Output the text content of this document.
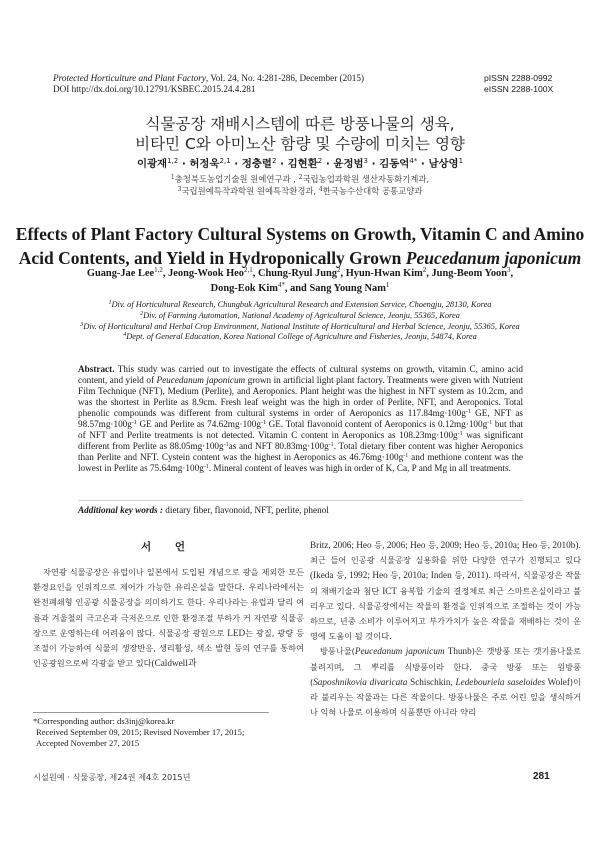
Protected Horticulture and Plant Factory, Vol. 24, No. 4:281-286, December (2015)
DOI http://dx.doi.org/10.12791/KSBEC.2015.24.4.281
pISSN 2288-0992
eISSN 2288-100X
식물공장 재배시스템에 따른 방풍나물의 생육,
비타민 C와 아미노산 함량 및 수량에 미치는 영향
이광재$^{1,2}$ · 허정욱$^{2,1}$ · 정충렬$^2$ · 김현환$^2$ · 윤정범$^3$ · 김동억$^{4*}$ · 남상영$^1$
$^1$충청북도농업기술원 원예연구과 , $^2$국립농업과학원 생산자동화기계과,
$^3$국립원예특작과학원 원예특작환경과, $^4$한국농수산대학 공통교양과
Effects of Plant Factory Cultural Systems on Growth, Vitamin C and Amino
Acid Contents, and Yield in Hydroponically Grown Peucedanum japonicum
Guang-Jae Lee$^{1,2}$, Jeong-Wook Heo$^{2,1}$, Chung-Ryul Jung$^2$, Hyun-Hwan Kim$^2$, Jung-Beom Yoon$^3$,
Dong-Eok Kim$^{4*}$, and Sang Young Nam$^1$
$^1$Div. of Horticultural Research, Chungbuk Agricultural Research and Extension Service, Choengju, 28130, Korea
$^2$Div. of Farming Automation, National Academy of Agricultural Science, Jeonju, 55365, Korea
$^3$Div. of Horticultural and Herbal Crop Environment, National Institute of Horticultural and Herbal Science, Jeonju, 55365, Korea
$^4$Dept. of General Education, Korea National College of Agriculture and Fisheries, Jeonju, 54874, Korea
Abstract. This study was carried out to investigate the effects of cultural systems on growth, vitamin C, amino acid content, and yield of Peucedanum japonicum grown in artificial light plant factory. Treatments were given with Nutrient Film Technique (NFT), Medium (Perlite), and Aeroponics. Plant height was the highest in NFT system as 10.2cm, and was the shortest in Perlite as 8.9cm. Fresh leaf weight was the high in order of Perlite, NFT, and Aeroponics. Total phenolic compounds was different from cultural systems in order of Aeroponics as $117.84mg\cdot 100g^{-1}$ GE, NFT as $98.57mg\cdot 100g^{-1}$ GE and Perlite as $74.62mg\cdot 100g^{-1}$ GE. Total flavonoid content of Aeroponics is $0.12mg\cdot 100g^{-1}$ but that of NFT and Perlite treatments is not detected. Vitamin C content in Aeroponics as $108.23mg\cdot 100g^{-1}$ was significant different from Perlite as $88.05mg\cdot 100g^{-1}as$ and NFT $80.83mg\cdot 100g^{-1}$. Total dietary fiber content was higher Aeroponics than Perlite and NFT. Cystein content was the highest in Aeroponics as $46.76mg\cdot 100g^{-1}$ and methione content was the lowest in Perlite as $75.64mg\cdot 100g^{-1}$. Mineral content of leaves was high in order of K, Ca, P and Mg in all treatments.
Additional key words : dietary fiber, flavonoid, NFT, perlite, phenol
서 언

자연광 식물공장은 유럽이나 일본에서 도입된 개념으로 광을 제외한 모든 환경요인을 인위적으로 제어가 가능한 유리온실을 말한다. 우리나라에서는 완전폐쇄형 인공광 식물공장을 의미하기도 한다. 우리나라는 유럽과 달리 여름과 겨울철의 극고온과 극저온으로 인한 환경조절 부하가 커 자연광 식물공장으로 운영하는데 어려움이 많다. 식물공장 광원으로 LED는 광질, 광량 등 조절이 가능하여 식물의 생장반응, 생리활성, 색소 발현 등의 연구를 통하여 인공광원으로써 각광을 받고 있다(Caldwell과

Britz, 2006; Heo 등, 2006; Heo 등, 2009; Heo 등, 2010a; Heo 등, 2010b). 최근 들어 인공광 식물공장 실용화를 위한 다양한 연구가 진행되고 있다(Ikeda 등, 1992; Heo 등, 2010a; Inden 등, 2011). 따라서, 식물공장은 작물의 재배기술과 첨단 ICT 융복합 기술의 결정체로 최근 스마트온실이라고 불리우고 있다. 식물공장에서는 작물의 환경을 인위적으로 조절하는 것이 가능하므로, 년중 소비가 이루어지고 부가가치가 높은 작물을 재배하는 것이 운영에 도움이 될 것이다.

방풍나물(Peucedanum japonicum Thunb)은 갯방풍 또는 갯기름나물로 불려지며, 그 뿌리를 식방풍이라 한다. 중국 방풍 또는 원방풍(Saposhnikovia divaricata Schischkin, Ledebouriela saseloides Wolef)이라 불리우는 작물과는 다른 작물이다. 방풍나물은 주로 어린 잎을 생식하거나 익혀 나물로 이용하며 식품뿐만 아니라 약리

*Corresponding author: ds3inj@korea.kr
Received September 09, 2015; Revised November 17, 2015;
Accepted November 27, 2015
시설원예 · 식물공장, 제24권 제4호 2015년	281
